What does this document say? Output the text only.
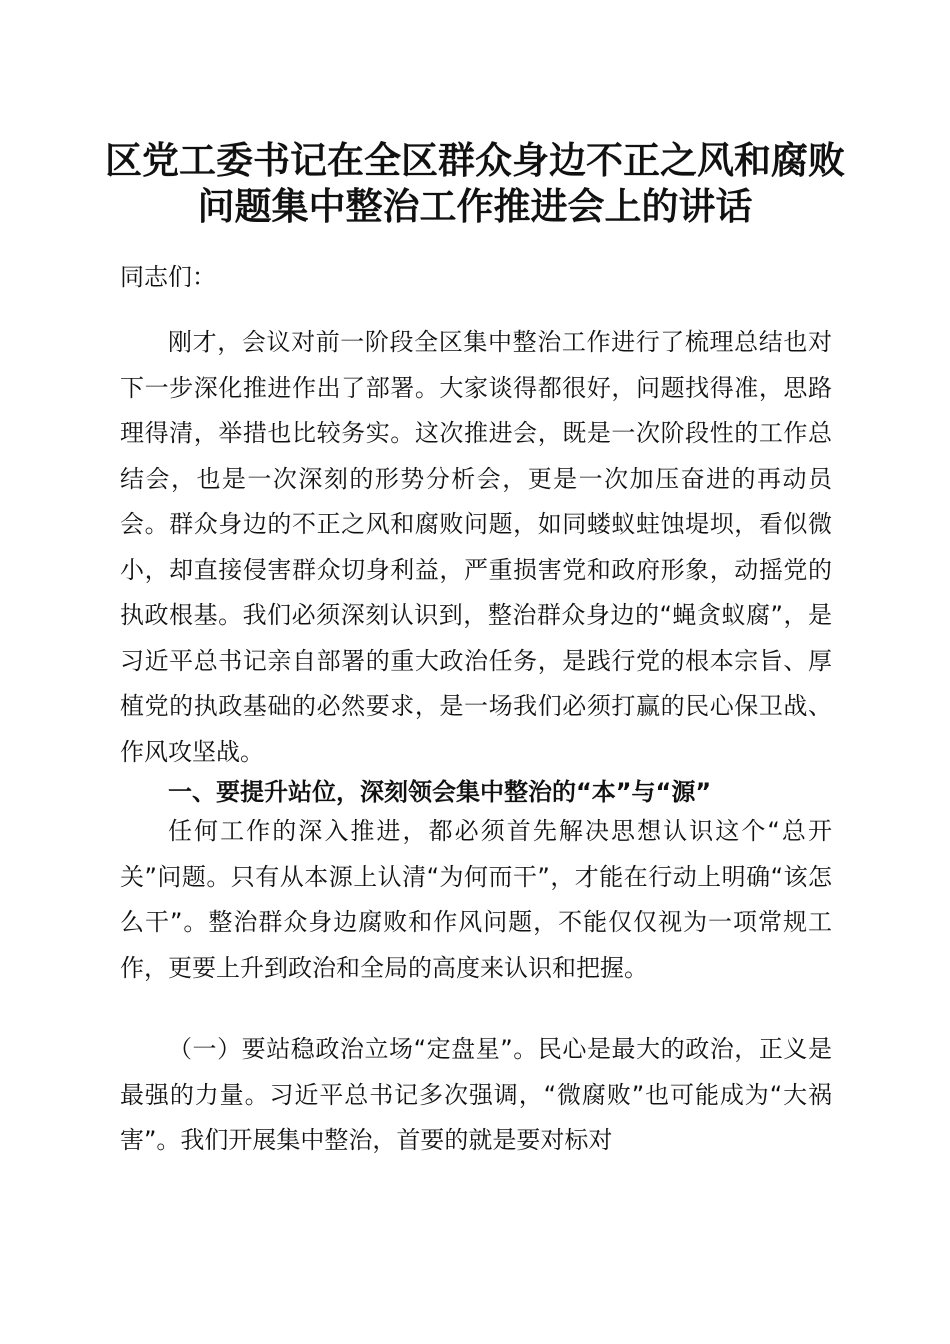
区党工委书记在全区群众身边不正之风和腐败
问题集中整治工作推进会上的讲话

同志们：

刚才，会议对前一阶段全区集中整治工作进行了梳理总结也对下一步深化推进作出了部署。大家谈得都很好，问题找得准，思路理得清，举措也比较务实。这次推进会，既是一次阶段性的工作总结会，也是一次深刻的形势分析会，更是一次加压奋进的再动员会。群众身边的不正之风和腐败问题，如同蝼蚁蛀蚀堤坝，看似微小，却直接侵害群众切身利益，严重损害党和政府形象，动摇党的执政根基。我们必须深刻认识到，整治群众身边的“蝇贪蚁腐”，是习近平总书记亲自部署的重大政治任务，是践行党的根本宗旨、厚植党的执政基础的必然要求，是一场我们必须打赢的民心保卫战、作风攻坚战。

一、要提升站位，深刻领会集中整治的“本”与“源”

任何工作的深入推进，都必须首先解决思想认识这个“总开关”问题。只有从本源上认清“为何而干”，才能在行动上明确“该怎么干”。整治群众身边腐败和作风问题，不能仅仅视为一项常规工作，更要上升到政治和全局的高度来认识和把握。

（一）要站稳政治立场“定盘星”。民心是最大的政治，正义是最强的力量。习近平总书记多次强调，“微腐败”也可能成为“大祸害”。我们开展集中整治，首要的就是要对标对
